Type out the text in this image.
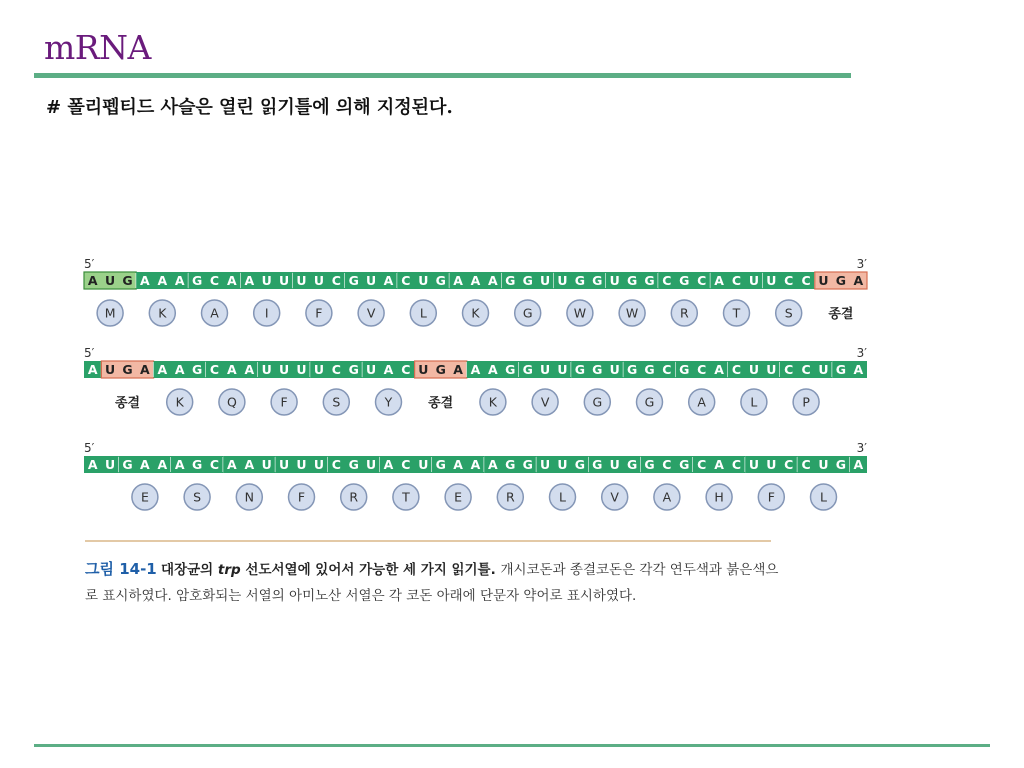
mRNA
# 폴리펩티드 사슬은 열린 읽기틀에 의해 지정된다.
5′	3′
A U G
M
A A A
K
G C A
A
A U U
I
U U C
F
G U A
V
C U G
L
A A A
K
G G U
G
U G G
W
U G G
W
C G C
R
A C U
T
U C C
S
U G A
종결
5′	3′
A U G A
종결
A A G
K
C A A
Q
U U U
F
U C G
S
U A C
Y
U G A
종결
A A G
K
G U U
V
G G U
G
G G C
G
G C A
A
C U U
L
C C U
P
G A
5′	3′
A U G A A
E
A G C
S
A A U
N
U U U
F
C G U
R
A C U
T
G A A
E
A G G
R
U U G
L
G U G
V
G C G
A
C A C
H
U U C
F
C U G
L
A
그림 14-1 대장균의 trp 선도서열에 있어서 가능한 세 가지 읽기틀. 개시코돈과 종결코돈은 각각 연두색과 붉은색으로 표시하였다. 암호화되는 서열의 아미노산 서열은 각 코돈 아래에 단문자 약어로 표시하였다.
